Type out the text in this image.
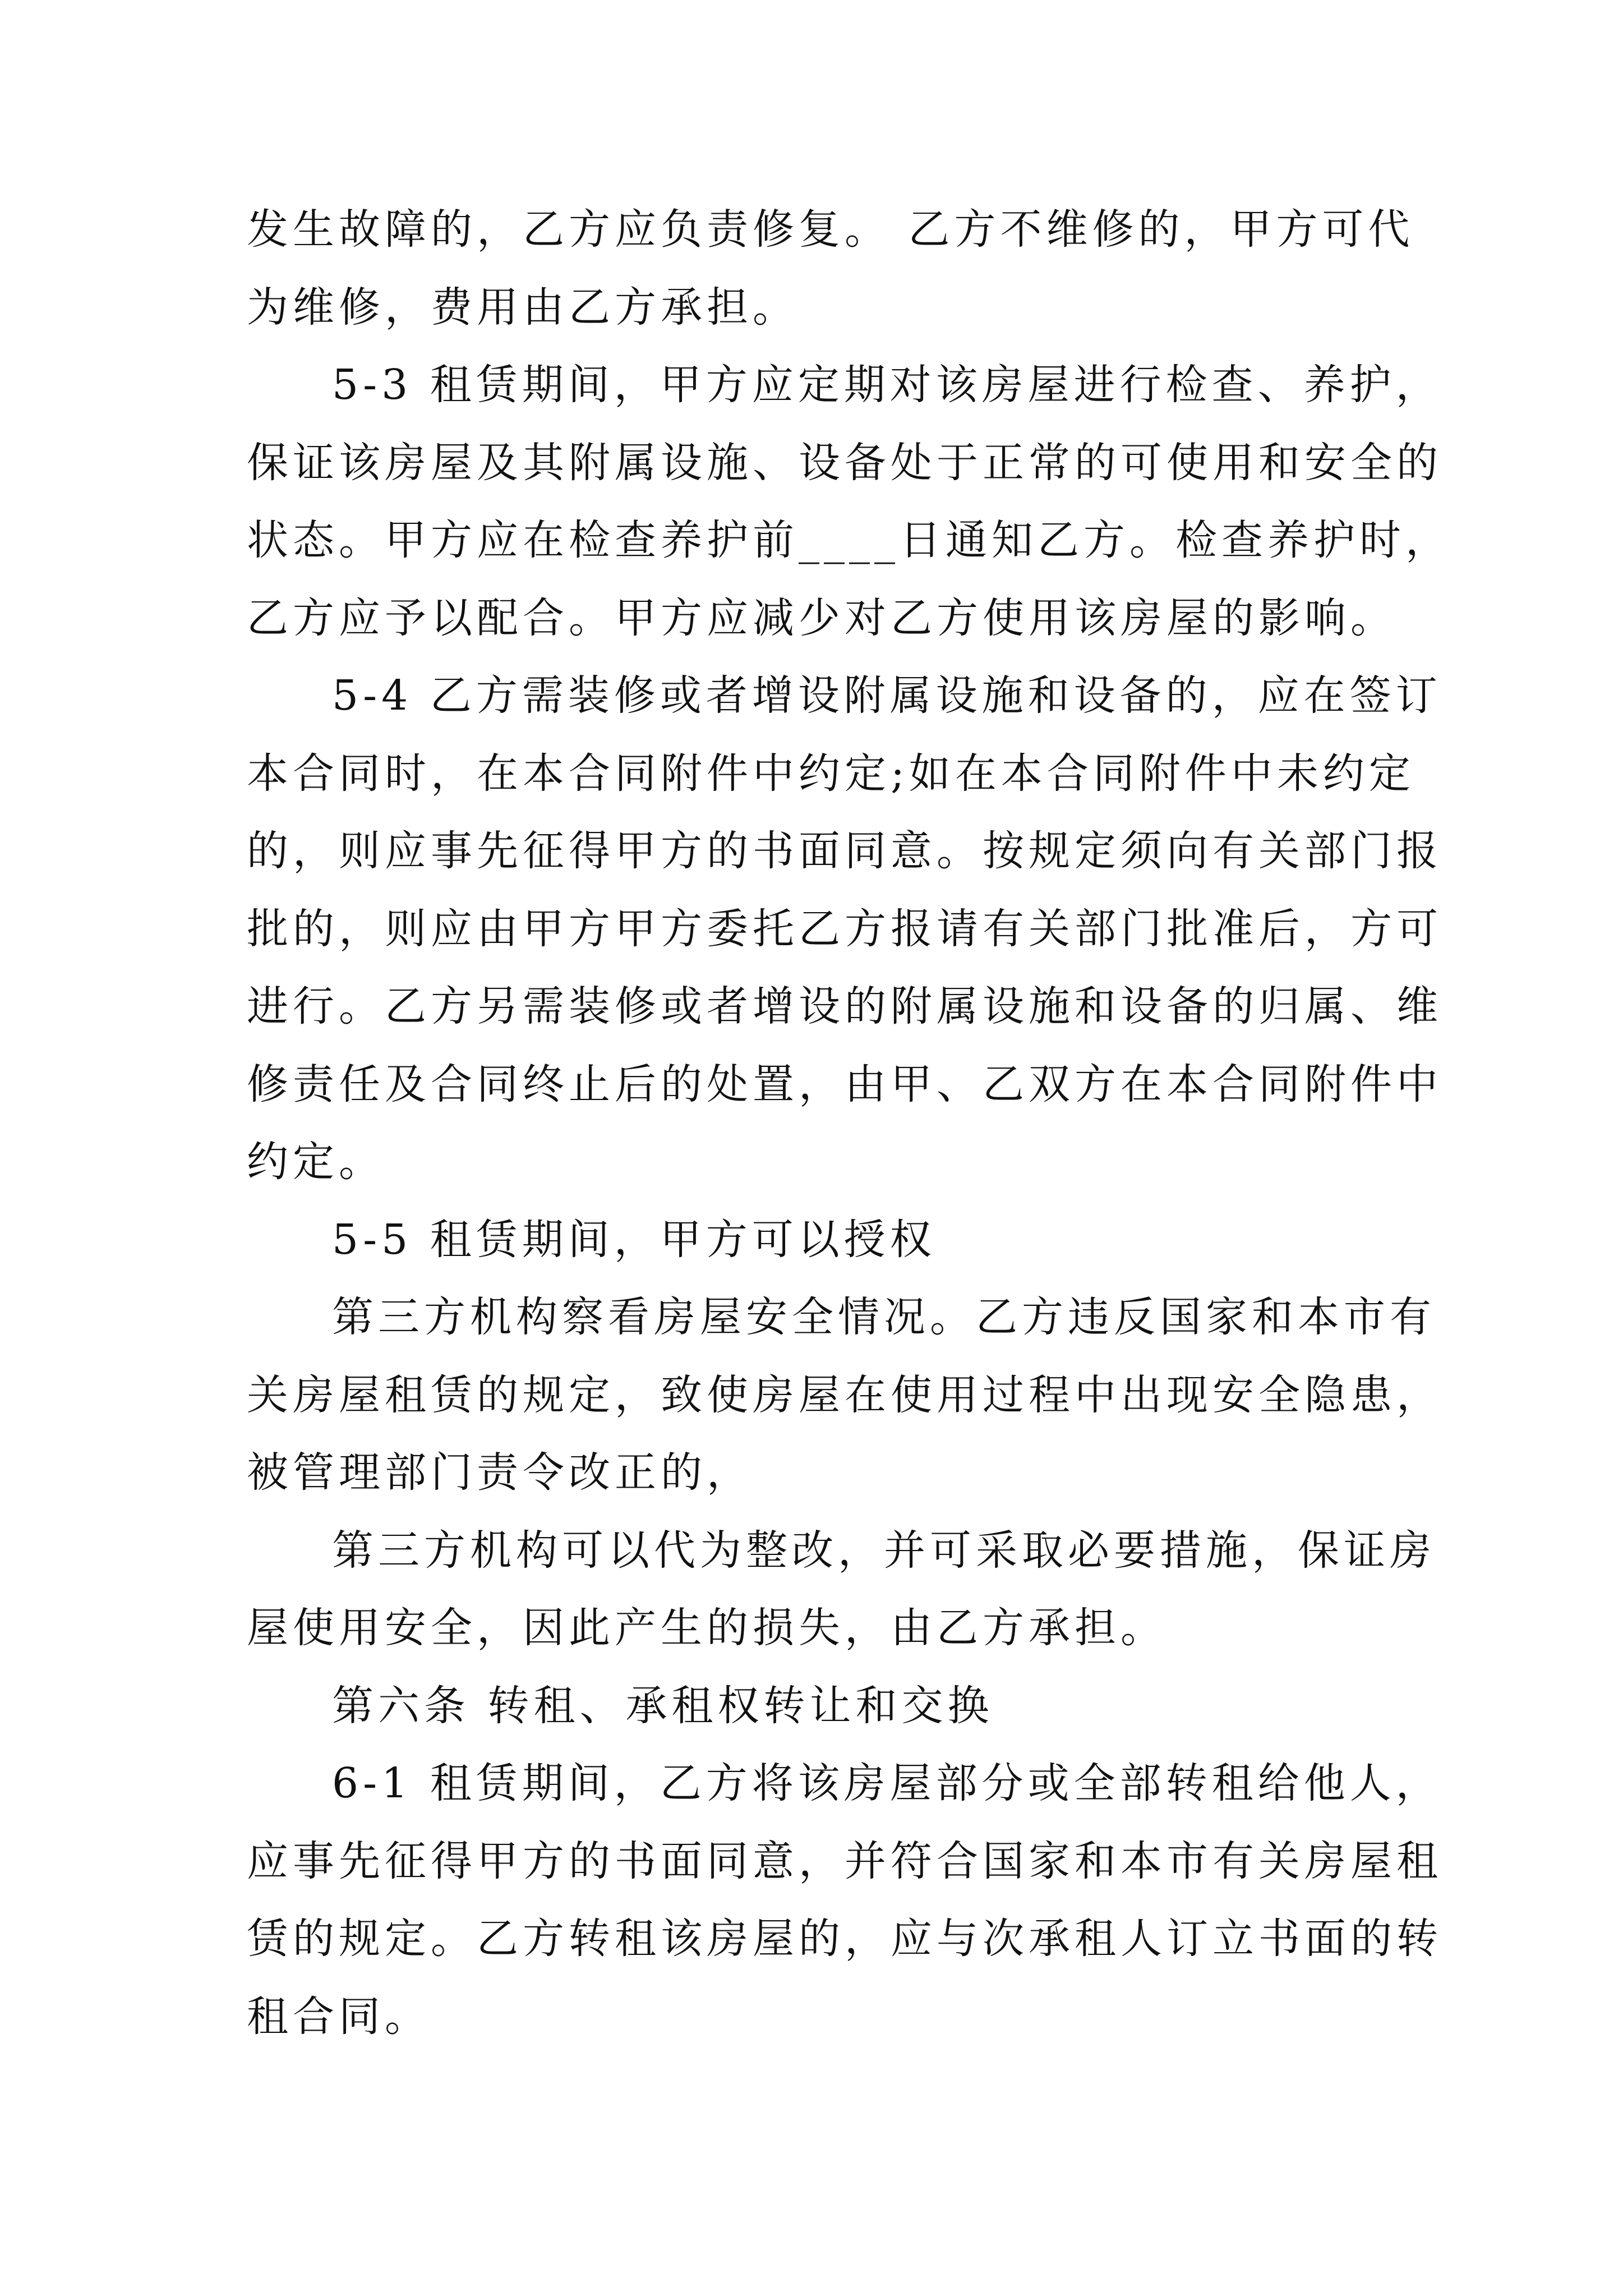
发生故障的，乙方应负责修复。 乙方不维修的，甲方可代

为维修，费用由乙方承担。

5-3 租赁期间，甲方应定期对该房屋进行检查、养护，

保证该房屋及其附属设施、设备处于正常的可使用和安全的

状态。甲方应在检查养护前____日通知乙方。检查养护时，

乙方应予以配合。甲方应减少对乙方使用该房屋的影响。

5-4 乙方需装修或者增设附属设施和设备的，应在签订

本合同时，在本合同附件中约定;如在本合同附件中未约定

的，则应事先征得甲方的书面同意。按规定须向有关部门报

批的，则应由甲方甲方委托乙方报请有关部门批准后，方可

进行。乙方另需装修或者增设的附属设施和设备的归属、维

修责任及合同终止后的处置，由甲、乙双方在本合同附件中

约定。

5-5 租赁期间，甲方可以授权

第三方机构察看房屋安全情况。乙方违反国家和本市有

关房屋租赁的规定，致使房屋在使用过程中出现安全隐患，

被管理部门责令改正的，

第三方机构可以代为整改，并可采取必要措施，保证房

屋使用安全，因此产生的损失，由乙方承担。

第六条 转租、承租权转让和交换

6-1 租赁期间，乙方将该房屋部分或全部转租给他人，

应事先征得甲方的书面同意，并符合国家和本市有关房屋租

赁的规定。乙方转租该房屋的，应与次承租人订立书面的转

租合同。
